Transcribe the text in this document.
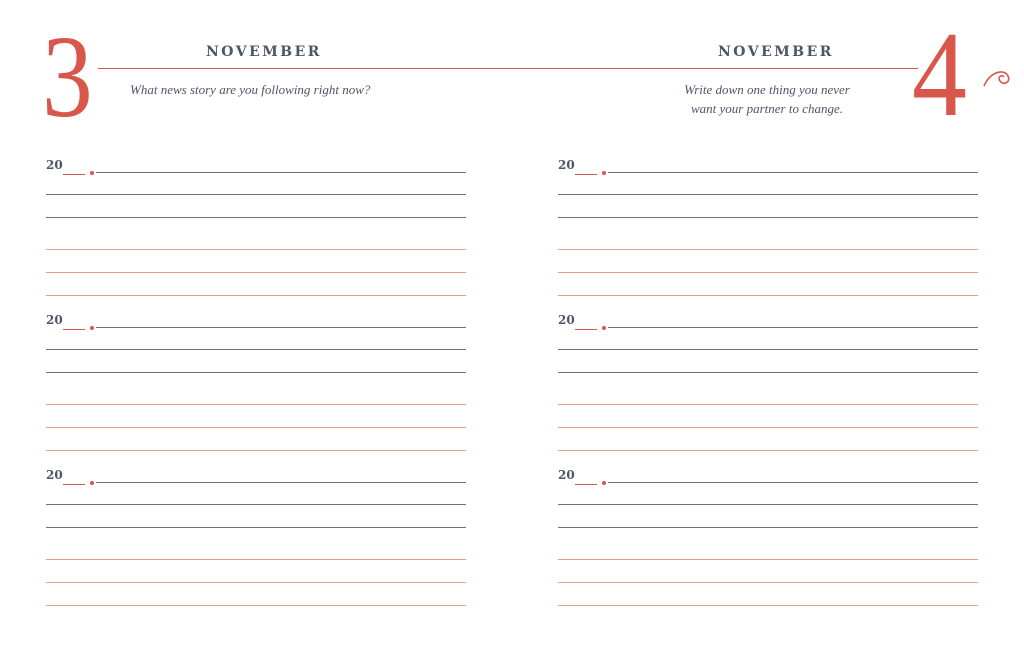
3	NOVEMBER
What news story are you following right now?
20
20
20
NOVEMBER 4
Write down one thing you never
want your partner to change.
20
20
20
